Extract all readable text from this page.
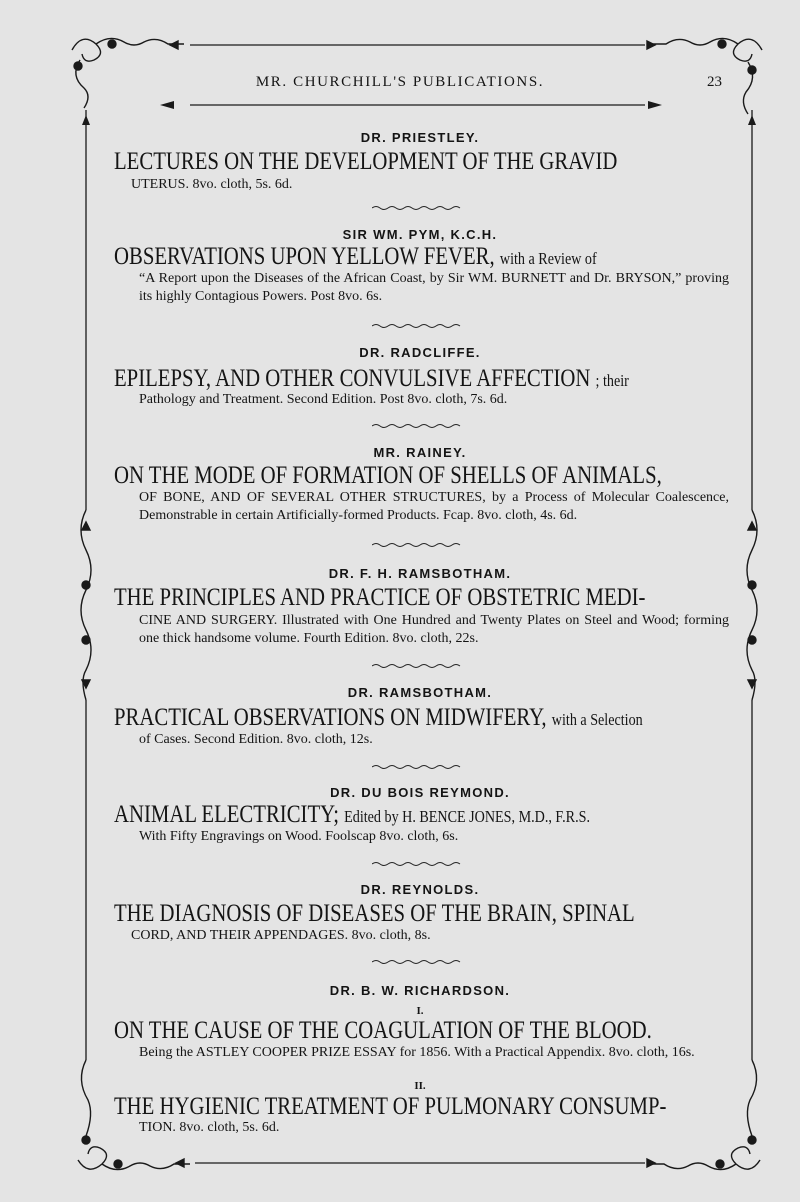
MR. CHURCHILL'S PUBLICATIONS.	23
DR. PRIESTLEY.
LECTURES ON THE DEVELOPMENT OF THE GRAVID
UTERUS. 8vo. cloth, 5s. 6d.
SIR WM. PYM, K.C.H.
OBSERVATIONS UPON YELLOW FEVER, with a Review of
“A Report upon the Diseases of the African Coast, by Sir WM. BURNETT and Dr. BRYSON,” proving its highly Contagious Powers. Post 8vo. 6s.
DR. RADCLIFFE.
EPILEPSY, AND OTHER CONVULSIVE AFFECTION ; their
Pathology and Treatment. Second Edition. Post 8vo. cloth, 7s. 6d.
MR. RAINEY.
ON THE MODE OF FORMATION OF SHELLS OF ANIMALS,
OF BONE, AND OF SEVERAL OTHER STRUCTURES, by a Process of Molecular Coalescence, Demonstrable in certain Artificially-formed Products. Fcap. 8vo. cloth, 4s. 6d.
DR. F. H. RAMSBOTHAM.
THE PRINCIPLES AND PRACTICE OF OBSTETRIC MEDI-
CINE AND SURGERY. Illustrated with One Hundred and Twenty Plates on Steel and Wood; forming one thick handsome volume. Fourth Edition. 8vo. cloth, 22s.
DR. RAMSBOTHAM.
PRACTICAL OBSERVATIONS ON MIDWIFERY, with a Selection
of Cases. Second Edition. 8vo. cloth, 12s.
DR. DU BOIS REYMOND.
ANIMAL ELECTRICITY; Edited by H. BENCE JONES, M.D., F.R.S.
With Fifty Engravings on Wood. Foolscap 8vo. cloth, 6s.
DR. REYNOLDS.
THE DIAGNOSIS OF DISEASES OF THE BRAIN, SPINAL
CORD, AND THEIR APPENDAGES. 8vo. cloth, 8s.
DR. B. W. RICHARDSON.
I.
ON THE CAUSE OF THE COAGULATION OF THE BLOOD.
Being the ASTLEY COOPER PRIZE ESSAY for 1856. With a Practical Appendix. 8vo. cloth, 16s.
II.
THE HYGIENIC TREATMENT OF PULMONARY CONSUMP-
TION. 8vo. cloth, 5s. 6d.
